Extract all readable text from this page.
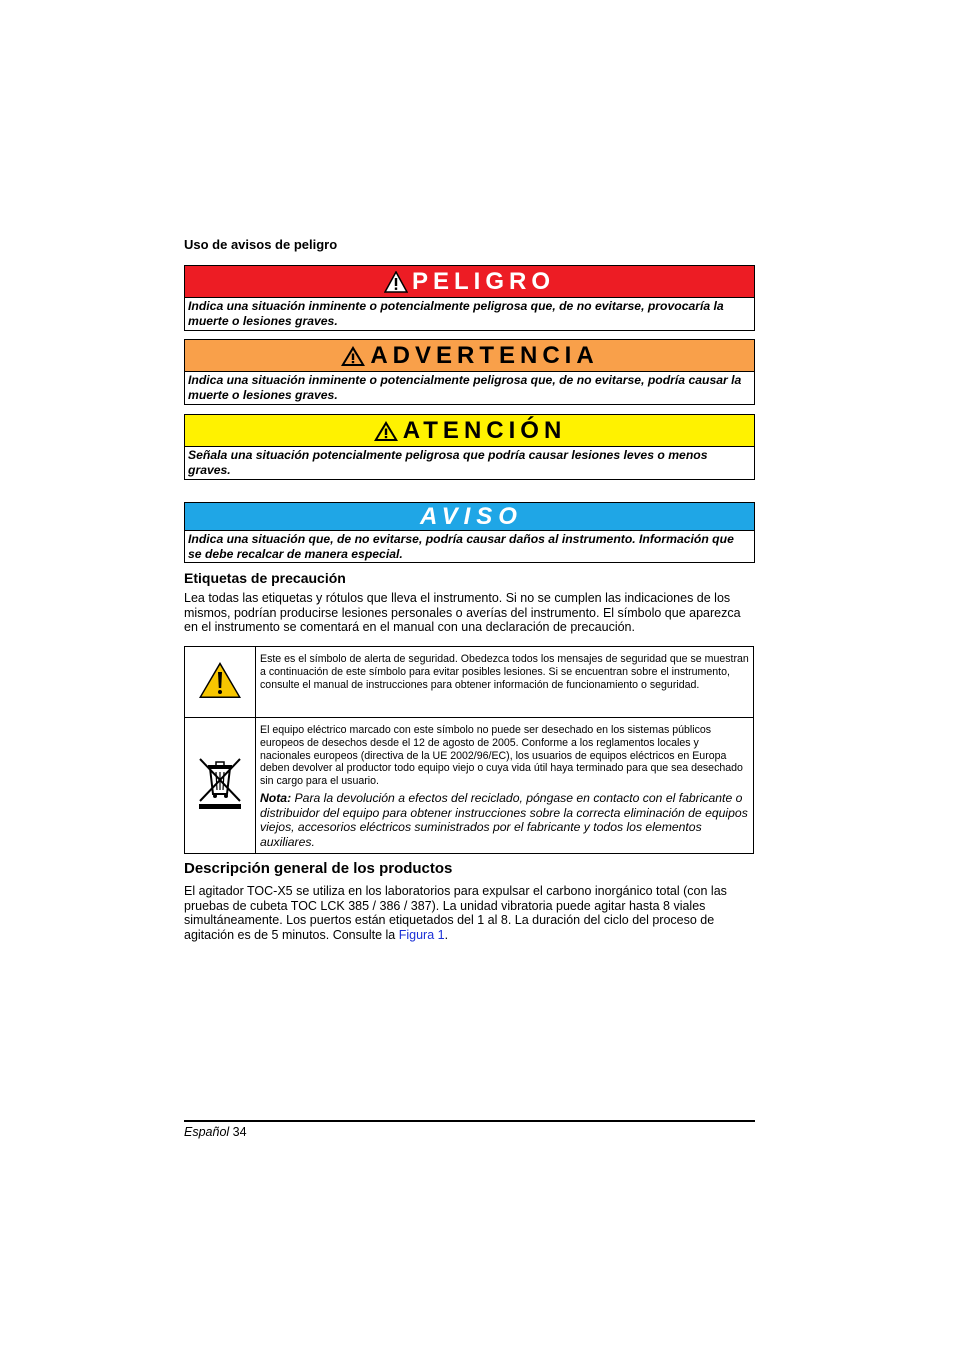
Uso de avisos de peligro
PELIGRO
Indica una situación inminente o potencialmente peligrosa que, de no evitarse, provocaría la muerte o lesiones graves.
ADVERTENCIA
Indica una situación inminente o potencialmente peligrosa que, de no evitarse, podría causar la muerte o lesiones graves.
ATENCIÓN
Señala una situación potencialmente peligrosa que podría causar lesiones leves o menos graves.
AVISO
Indica una situación que, de no evitarse, podría causar daños al instrumento. Información que se debe recalcar de manera especial.
Etiquetas de precaución
Lea todas las etiquetas y rótulos que lleva el instrumento. Si no se cumplen las indicaciones de los mismos, podrían producirse lesiones personales o averías del instrumento. El símbolo que aparezca en el instrumento se comentará en el manual con una declaración de precaución.
	Este es el símbolo de alerta de seguridad. Obedezca todos los mensajes de seguridad que se muestran a continuación de este símbolo para evitar posibles lesiones. Si se encuentran sobre el instrumento, consulte el manual de instrucciones para obtener información de funcionamiento o seguridad.

El equipo eléctrico marcado con este símbolo no puede ser desechado en los sistemas públicos europeos de desechos desde el 12 de agosto de 2005. Conforme a los reglamentos locales y nacionales europeos (directiva de la UE 2002/96/EC), los usuarios de equipos eléctricos en Europa deben devolver al productor todo equipo viejo o cuya vida útil haya terminado para que sea desechado sin cargo para el usuario.
Nota: Para la devolución a efectos del reciclado, póngase en contacto con el fabricante o distribuidor del equipo para obtener instrucciones sobre la correcta eliminación de equipos viejos, accesorios eléctricos suministrados por el fabricante y todos los elementos auxiliares.
Descripción general de los productos
El agitador TOC-X5 se utiliza en los laboratorios para expulsar el carbono inorgánico total (con las pruebas de cubeta TOC LCK 385 / 386 / 387). La unidad vibratoria puede agitar hasta 8 viales simultáneamente. Los puertos están etiquetados del 1 al 8. La duración del ciclo del proceso de agitación es de 5 minutos. Consulte la Figura 1.
Español 34
